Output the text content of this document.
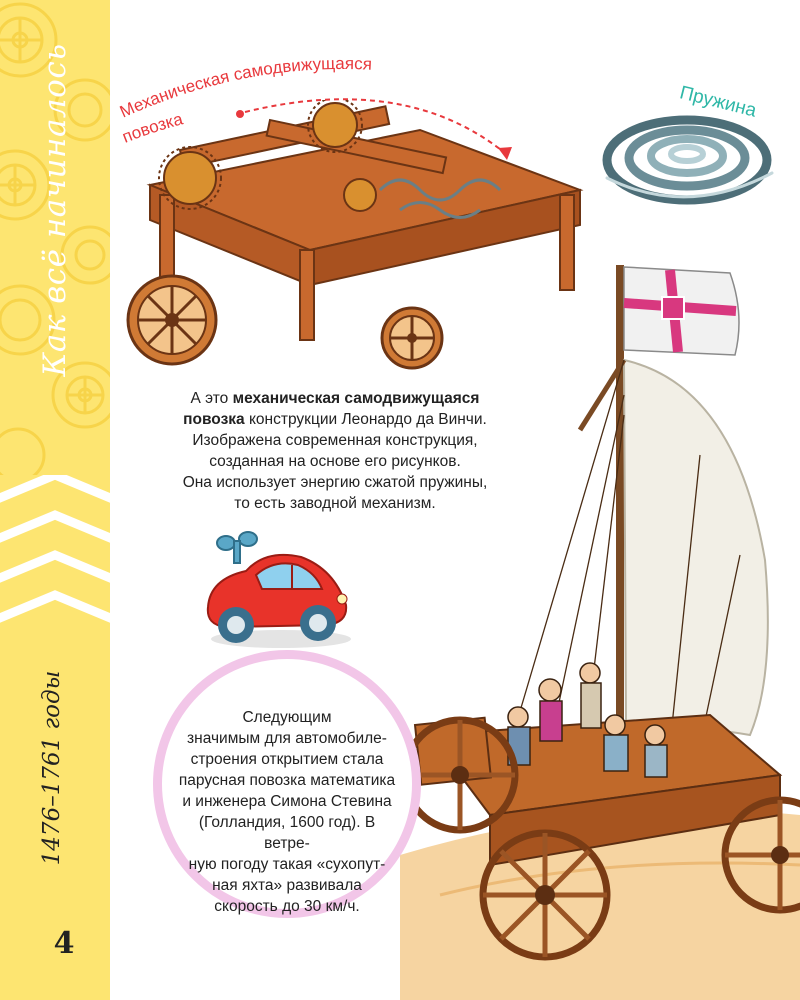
Как всё начиналось
1476–1761 годы
4
Механическая самодвижущаяся
повозка	Пружина
А это механическая самодвижущаяся
повозка конструкции Леонардо да Винчи.
Изображена современная конструкция,
созданная на основе его рисунков.
Она использует энергию сжатой пружины,
то есть заводной механизм.
Следующим
значимым для автомобиле-
строения открытием стала
парусная повозка математика
и инженера Симона Стевина
(Голландия, 1600 год). В ветре-
ную погоду такая «сухопут-
ная яхта» развивала
скорость до 30 км/ч.
